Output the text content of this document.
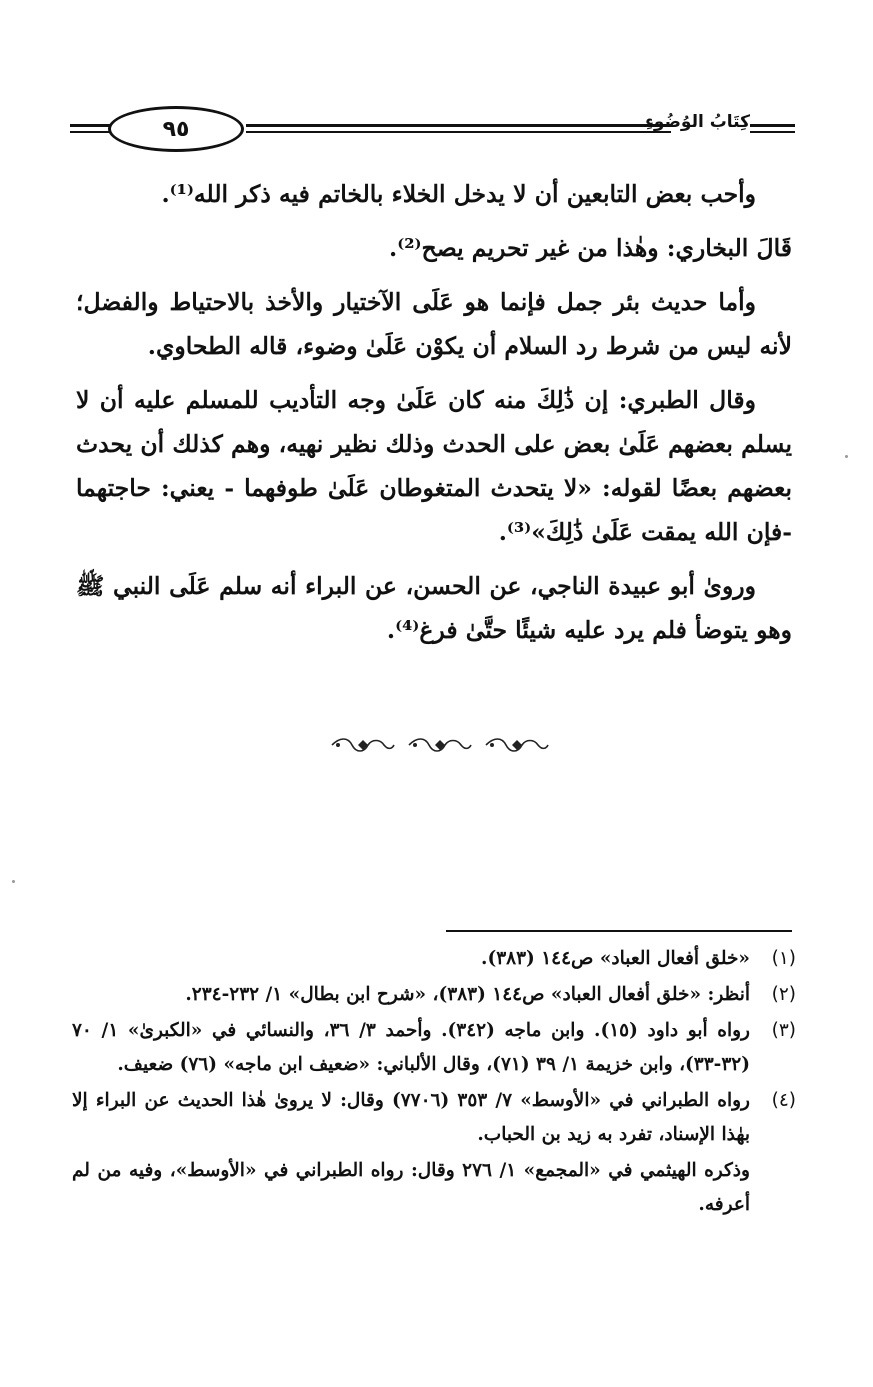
٩٥	كِتَابُ الوُضُوءِ

وأحب بعض التابعين أن لا يدخل الخلاء بالخاتم فيه ذكر الله⁽¹⁾.

قَالَ البخاري: وهٰذا من غير تحريم يصح⁽²⁾.

وأما حديث بئر جمل فإنما هو عَلَى الآختيار والأخذ بالاحتياط والفضل؛ لأنه ليس من شرط رد السلام أن يكوْن عَلَىٰ وضوء، قاله الطحاوي.

وقال الطبري: إن ذَٰلِكَ منه كان عَلَىٰ وجه التأديب للمسلم عليه أن لا يسلم بعضهم عَلَىٰ بعض على الحدث وذلك نظير نهيه، وهم كذلك أن يحدث بعضهم بعضًا لقوله: «لا يتحدث المتغوطان عَلَىٰ طوفهما - يعني: حاجتهما -فإن الله يمقت عَلَىٰ ذَٰلِكَ»⁽³⁾.

ورویٰ أبو عبيدة الناجي، عن الحسن، عن البراء أنه سلم عَلَى النبي ﷺ وهو يتوضأ فلم يرد عليه شيئًا حتَّىٰ فرغ⁽⁴⁾.

(١)
«خلق أفعال العباد» ص١٤٤ (٣٨٣).
(٢)
أنظر: «خلق أفعال العباد» ص١٤٤ (٣٨٣)، «شرح ابن بطال» ١/ ٢٣٢-٢٣٤.
(٣)
رواه أبو داود (١٥). وابن ماجه (٣٤٢). وأحمد ٣/ ٣٦، والنسائي في «الكبرىٰ» ١/ ٧٠ (٣٢-٣٣)، وابن خزيمة ١/ ٣٩ (٧١)، وقال الألباني: «ضعيف ابن ماجه» (٧٦) ضعيف.
(٤)
رواه الطبراني في «الأوسط» ٧/ ٣٥٣ (٧٧٠٦) وقال: لا يرویٰ هٰذا الحديث عن البراء إلا بهٰذا الإسناد، تفرد به زيد بن الحباب.

وذكره الهيثمي في «المجمع» ١/ ٢٧٦ وقال: رواه الطبراني في «الأوسط»، وفيه من لم أعرفه.
